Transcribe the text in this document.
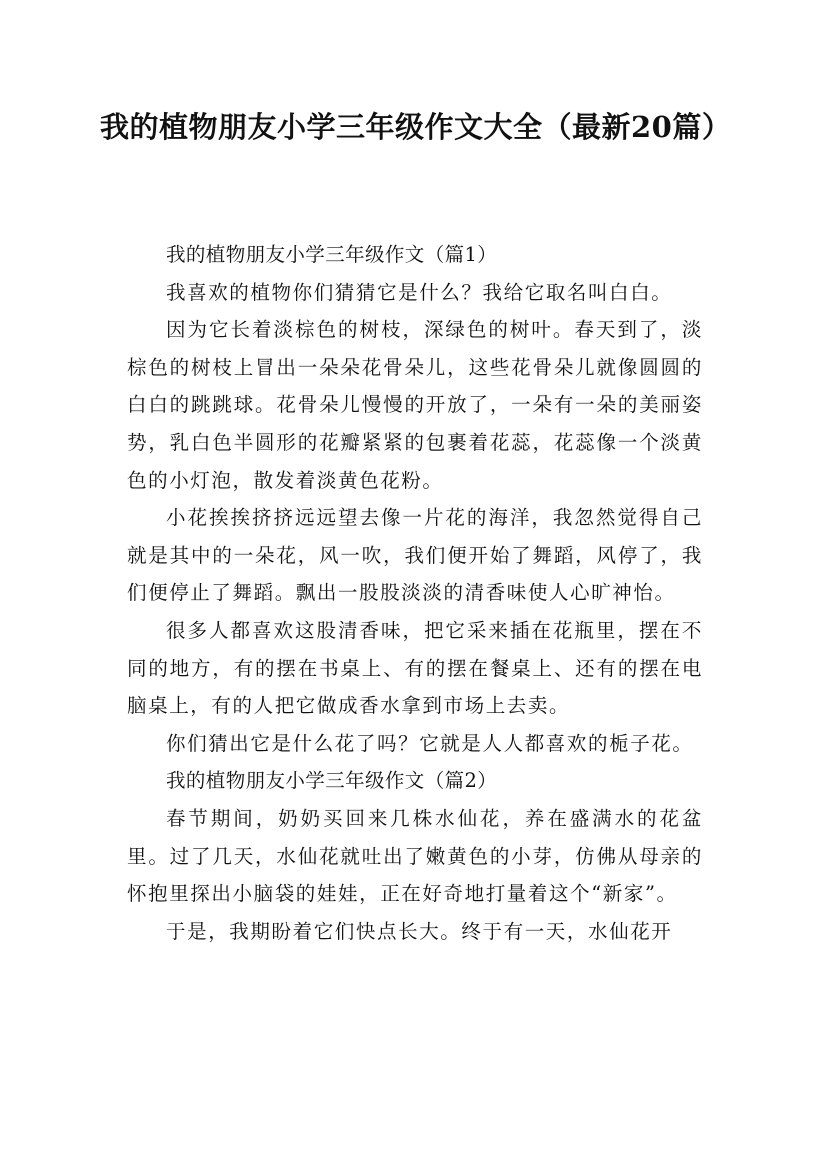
我的植物朋友小学三年级作文大全（最新20篇）

我的植物朋友小学三年级作文（篇1）

我喜欢的植物你们猜猜它是什么？我给它取名叫白白。

因为它长着淡棕色的树枝，深绿色的树叶。春天到了，淡棕色的树枝上冒出一朵朵花骨朵儿，这些花骨朵儿就像圆圆的白白的跳跳球。花骨朵儿慢慢的开放了，一朵有一朵的美丽姿势，乳白色半圆形的花瓣紧紧的包裹着花蕊，花蕊像一个淡黄色的小灯泡，散发着淡黄色花粉。

小花挨挨挤挤远远望去像一片花的海洋，我忽然觉得自己就是其中的一朵花，风一吹，我们便开始了舞蹈，风停了，我们便停止了舞蹈。飘出一股股淡淡的清香味使人心旷神怡。

很多人都喜欢这股清香味，把它采来插在花瓶里，摆在不同的地方，有的摆在书桌上、有的摆在餐桌上、还有的摆在电脑桌上，有的人把它做成香水拿到市场上去卖。

你们猜出它是什么花了吗？它就是人人都喜欢的栀子花。

我的植物朋友小学三年级作文（篇2）

春节期间，奶奶买回来几株水仙花，养在盛满水的花盆里。过了几天，水仙花就吐出了嫩黄色的小芽，仿佛从母亲的怀抱里探出小脑袋的娃娃，正在好奇地打量着这个“新家”。

于是，我期盼着它们快点长大。终于有一天，水仙花开
